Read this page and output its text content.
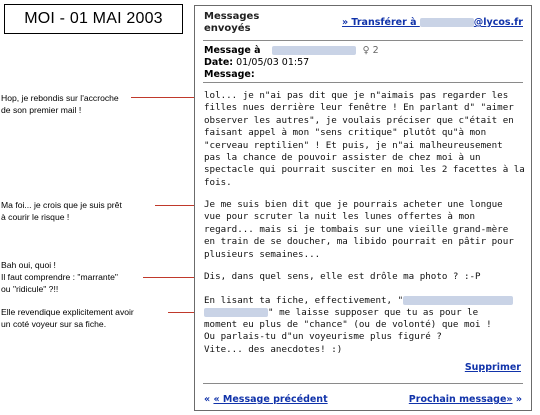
MOI - 01 MAI 2003
Hop, je rebondis sur l'accroche
de son premier mail !
Ma foi... je crois que je suis prêt
à courir le risque !
Bah oui, quoi !
Il faut comprendre : "marrante"
ou "ridicule" ?!!
Elle revendique explicitement avoir
un coté voyeur sur sa fiche.
Messages
envoyés
» Transférer à	@lycos.fr
Message à	♀ 2
Date: 01/05/03 01:57
Message:
lol... je n"ai pas dit que je n"aimais pas regarder les
filles nues derrière leur fenêtre ! En parlant d" "aimer
observer les autres", je voulais préciser que c"était en
faisant appel à mon "sens critique" plutôt qu"à mon
"cerveau reptilien" ! Et puis, je n"ai malheureusement
pas la chance de pouvoir assister de chez moi à un
spectacle qui pourrait susciter en moi les 2 facettes à la
fois.
Je me suis bien dit que je pourrais acheter une longue
vue pour scruter la nuit les lunes offertes à mon
regard... mais si je tombais sur une vieille grand-mère
en train de se doucher, ma libido pourrait en pâtir pour
plusieurs semaines...
Dis, dans quel sens, elle est drôle ma photo ? :-P
En lisant ta fiche, effectivement, "
" me laisse supposer que tu as pour le
moment eu plus de "chance" (ou de volonté) que moi !
Ou parlais-tu d"un voyeurisme plus figuré ?
Vite... des anecdotes! :)
Supprimer
« « Message précédent	Prochain message» »
